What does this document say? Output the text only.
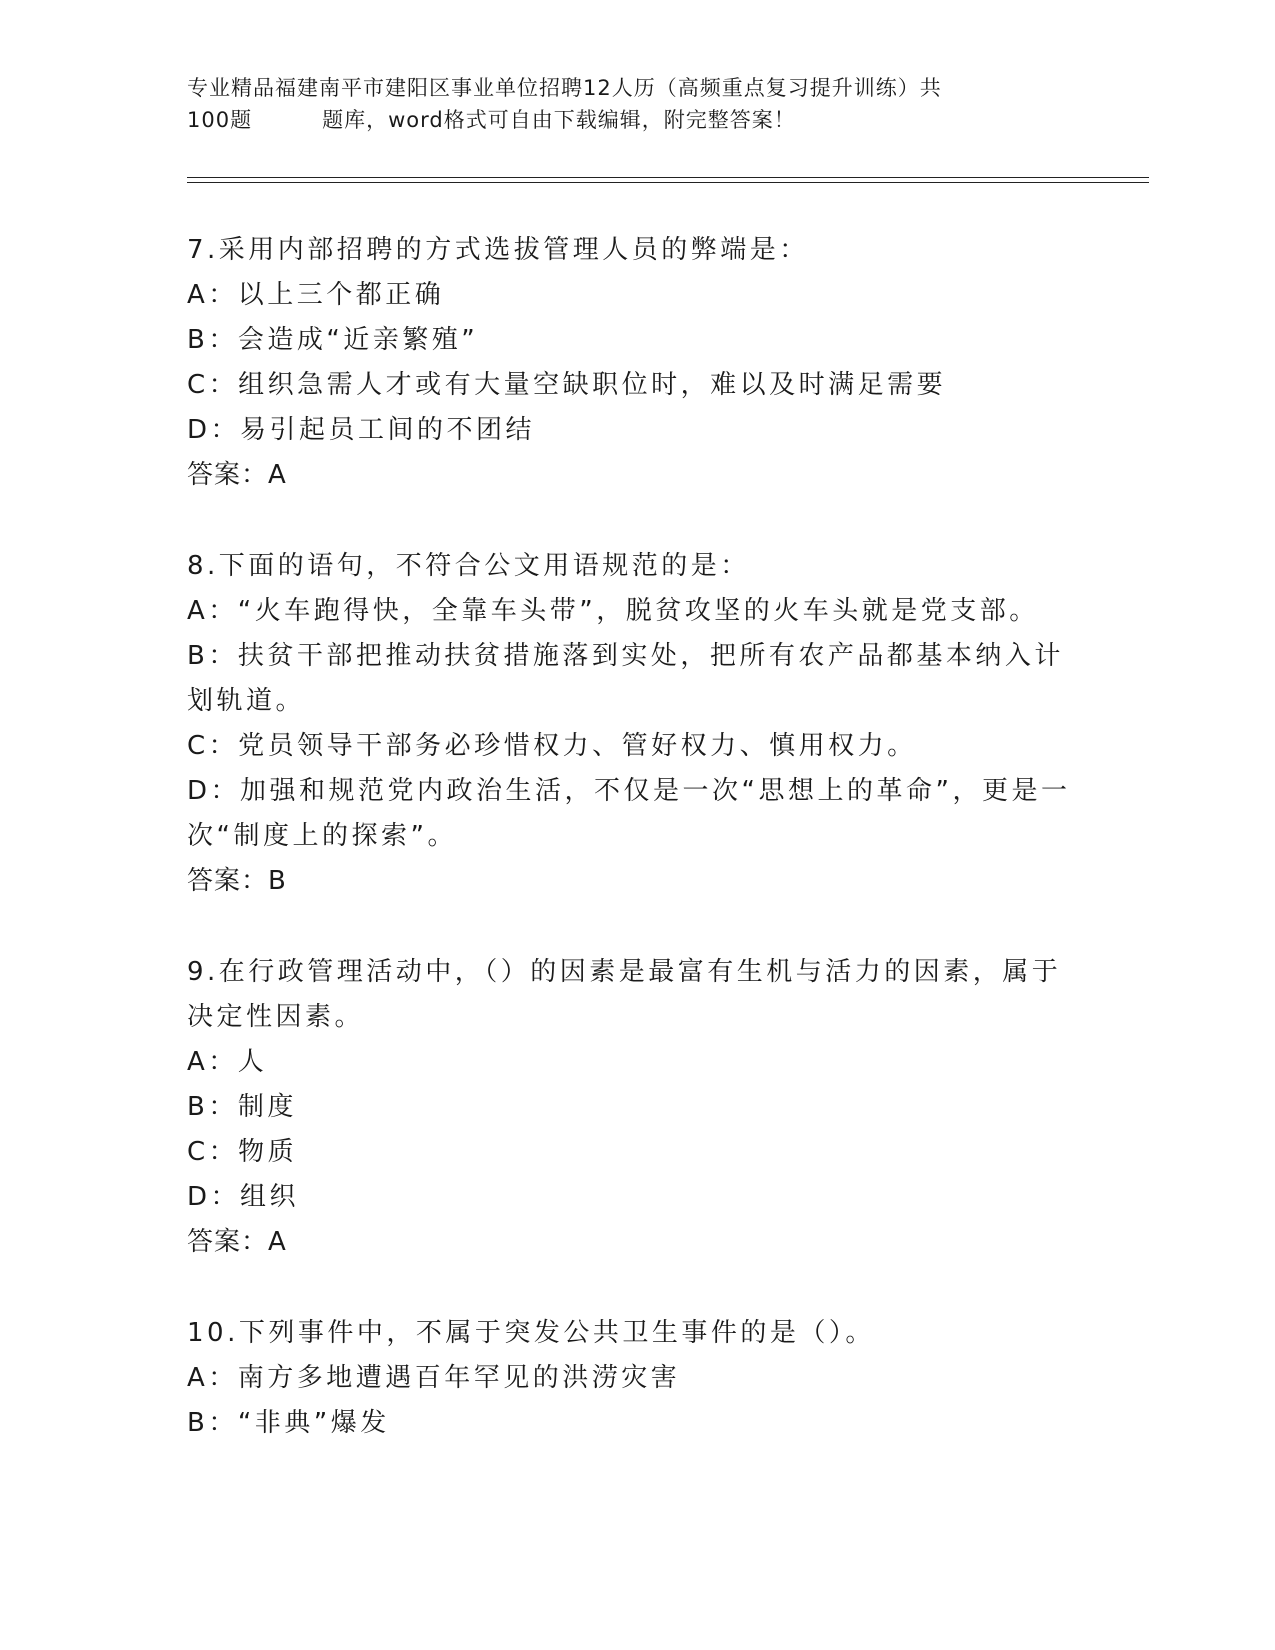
专业精品福建南平市建阳区事业单位招聘12人历（高频重点复习提升训练）共
100题	题库，word格式可自由下载编辑，附完整答案！
7.采用内部招聘的方式选拔管理人员的弊端是：
A：以上三个都正确
B：会造成“近亲繁殖”
C：组织急需人才或有大量空缺职位时，难以及时满足需要
D：易引起员工间的不团结
答案：A
8.下面的语句，不符合公文用语规范的是：
A：“火车跑得快，全靠车头带”，脱贫攻坚的火车头就是党支部。
B：扶贫干部把推动扶贫措施落到实处，把所有农产品都基本纳入计划轨道。
C：党员领导干部务必珍惜权力、管好权力、慎用权力。
D：加强和规范党内政治生活，不仅是一次“思想上的革命”，更是一次“制度上的探索”。
答案：B
9.在行政管理活动中，（）的因素是最富有生机与活力的因素，属于决定性因素。
A：人
B：制度
C：物质
D：组织
答案：A
10.下列事件中，不属于突发公共卫生事件的是（）。
A：南方多地遭遇百年罕见的洪涝灾害
B：“非典”爆发
